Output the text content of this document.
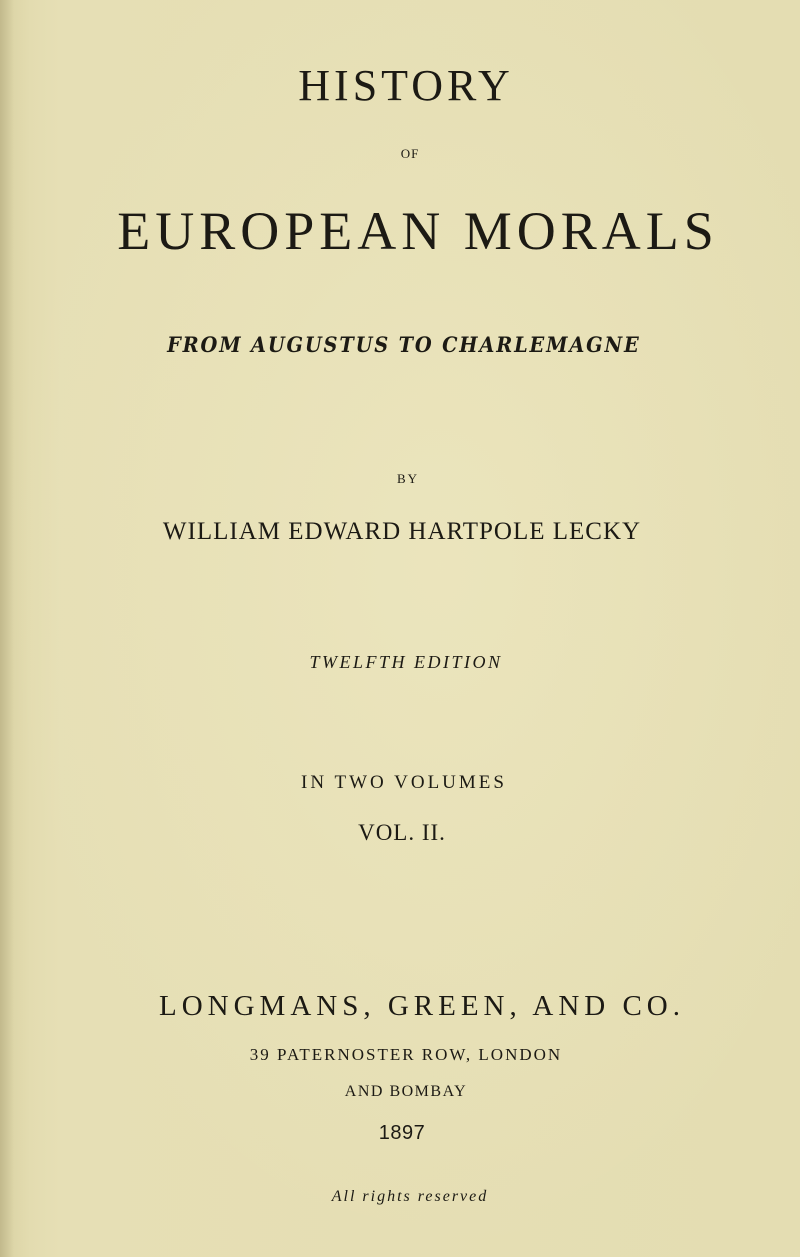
HISTORY
OF
EUROPEAN MORALS
FROM AUGUSTUS TO CHARLEMAGNE
BY
WILLIAM EDWARD HARTPOLE LECKY
TWELFTH EDITION
IN TWO VOLUMES
VOL. II.
LONGMANS, GREEN, AND CO.
39 PATERNOSTER ROW, LONDON
AND BOMBAY
1897
All rights reserved
